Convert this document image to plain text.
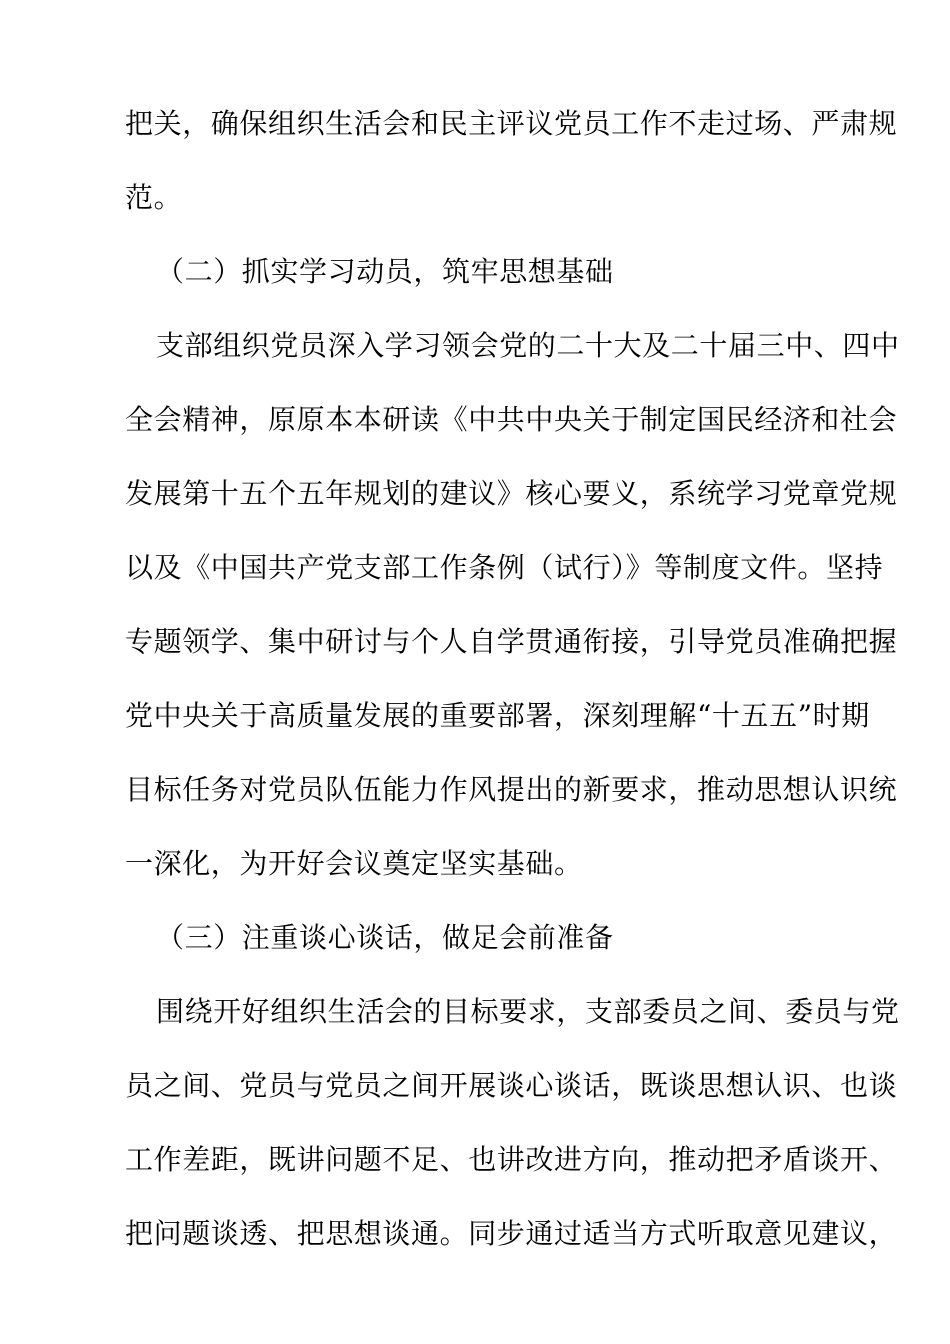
把关，确保组织生活会和民主评议党员工作不走过场、严肃规
范。
（二）抓实学习动员，筑牢思想基础
支部组织党员深入学习领会党的二十大及二十届三中、四中
全会精神，原原本本研读《中共中央关于制定国民经济和社会
发展第十五个五年规划的建议》核心要义，系统学习党章党规
以及《中国共产党支部工作条例（试行）》等制度文件。坚持
专题领学、集中研讨与个人自学贯通衔接，引导党员准确把握
党中央关于高质量发展的重要部署，深刻理解“十五五”时期
目标任务对党员队伍能力作风提出的新要求，推动思想认识统
一深化，为开好会议奠定坚实基础。
（三）注重谈心谈话，做足会前准备
围绕开好组织生活会的目标要求，支部委员之间、委员与党
员之间、党员与党员之间开展谈心谈话，既谈思想认识、也谈
工作差距，既讲问题不足、也讲改进方向，推动把矛盾谈开、
把问题谈透、把思想谈通。同步通过适当方式听取意见建议，
